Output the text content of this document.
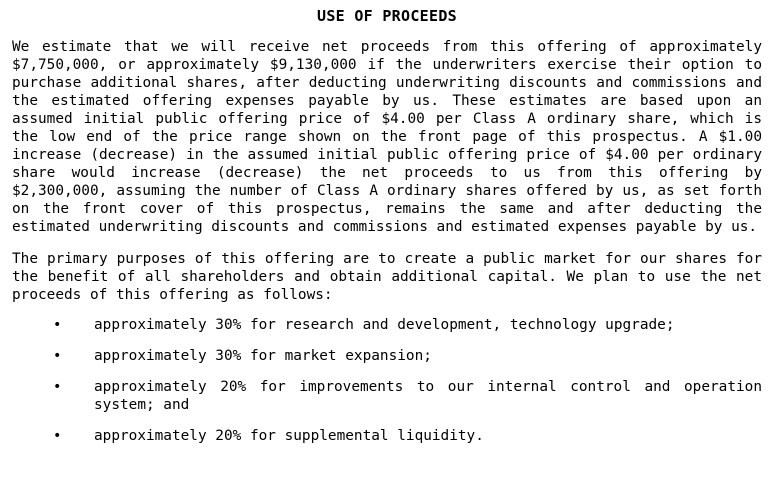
USE OF PROCEEDS

We estimate that we will receive net proceeds from this offering of approximately $7,750,000, or approximately $9,130,000 if the underwriters exercise their option to purchase additional shares, after deducting underwriting discounts and commissions and the estimated offering expenses payable by us. These estimates are based upon an assumed initial public offering price of $4.00 per Class A ordinary share, which is the low end of the price range shown on the front page of this prospectus. A $1.00 increase (decrease) in the assumed initial public offering price of $4.00 per ordinary share would increase (decrease) the net proceeds to us from this offering by $2,300,000, assuming the number of Class A ordinary shares offered by us, as set forth on the front cover of this prospectus, remains the same and after deducting the estimated underwriting discounts and commissions and estimated expenses payable by us.

The primary purposes of this offering are to create a public market for our shares for the benefit of all shareholders and obtain additional capital. We plan to use the net proceeds of this offering as follows:

• approximately 30% for research and development, technology upgrade;
• approximately 30% for market expansion;
• approximately 20% for improvements to our internal control and operation system; and
• approximately 20% for supplemental liquidity.
